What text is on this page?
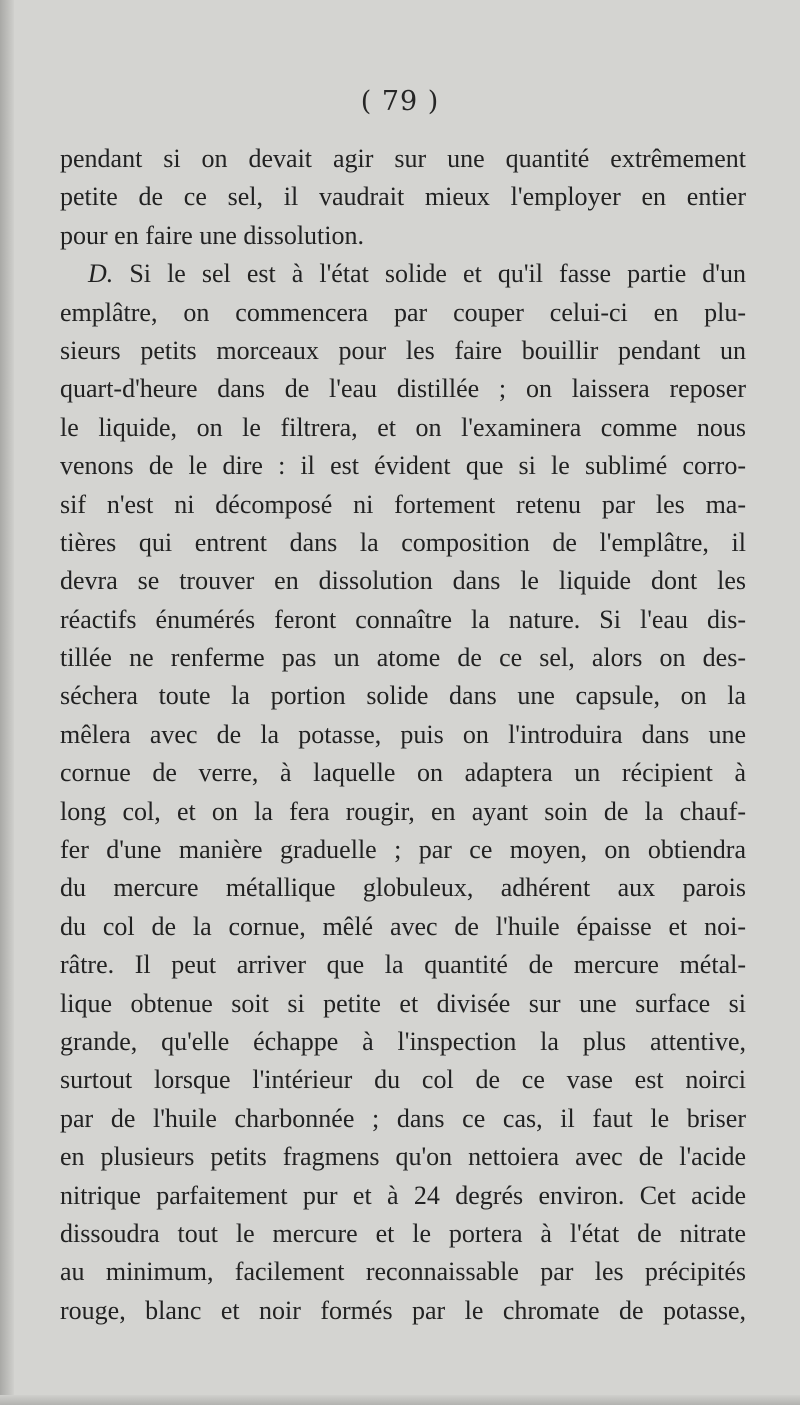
( 79 )
pendant si on devait agir sur une quantité extrêmement
petite de ce sel, il vaudrait mieux l'employer en entier
pour en faire une dissolution.
D. Si le sel est à l'état solide et qu'il fasse partie d'un
emplâtre, on commencera par couper celui-ci en plu-
sieurs petits morceaux pour les faire bouillir pendant un
quart-d'heure dans de l'eau distillée ; on laissera reposer
le liquide, on le filtrera, et on l'examinera comme nous
venons de le dire : il est évident que si le sublimé corro-
sif n'est ni décomposé ni fortement retenu par les ma-
tières qui entrent dans la composition de l'emplâtre, il
devra se trouver en dissolution dans le liquide dont les
réactifs énumérés feront connaître la nature. Si l'eau dis-
tillée ne renferme pas un atome de ce sel, alors on des-
séchera toute la portion solide dans une capsule, on la
mêlera avec de la potasse, puis on l'introduira dans une
cornue de verre, à laquelle on adaptera un récipient à
long col, et on la fera rougir, en ayant soin de la chauf-
fer d'une manière graduelle ; par ce moyen, on obtiendra
du mercure métallique globuleux, adhérent aux parois
du col de la cornue, mêlé avec de l'huile épaisse et noi-
râtre. Il peut arriver que la quantité de mercure métal-
lique obtenue soit si petite et divisée sur une surface si
grande, qu'elle échappe à l'inspection la plus attentive,
surtout lorsque l'intérieur du col de ce vase est noirci
par de l'huile charbonnée ; dans ce cas, il faut le briser
en plusieurs petits fragmens qu'on nettoiera avec de l'acide
nitrique parfaitement pur et à 24 degrés environ. Cet acide
dissoudra tout le mercure et le portera à l'état de nitrate
au minimum, facilement reconnaissable par les précipités
rouge, blanc et noir formés par le chromate de potasse,
